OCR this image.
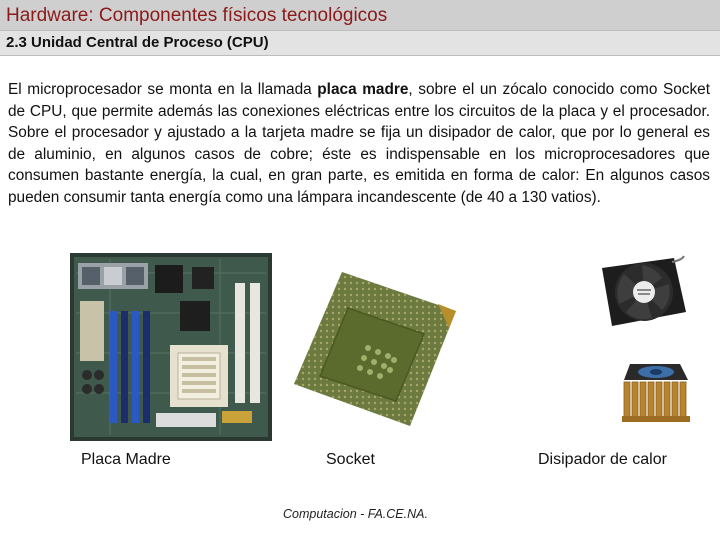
Hardware: Componentes físicos tecnológicos
2.3 Unidad Central de Proceso (CPU)
El microprocesador se monta en la llamada placa madre, sobre el un zócalo conocido como Socket de CPU, que permite además las conexiones eléctricas entre los circuitos de la placa y el procesador. Sobre el procesador y ajustado a la tarjeta madre se fija un disipador de calor, que por lo general es de aluminio, en algunos casos de cobre; éste es indispensable en los microprocesadores que consumen bastante energía, la cual, en gran parte, es emitida en forma de calor: En algunos casos pueden consumir tanta energía como una lámpara incandescente (de 40 a 130 vatios).
Placa Madre	Socket	Disipador de calor
Computacion - FA.CE.NA.
